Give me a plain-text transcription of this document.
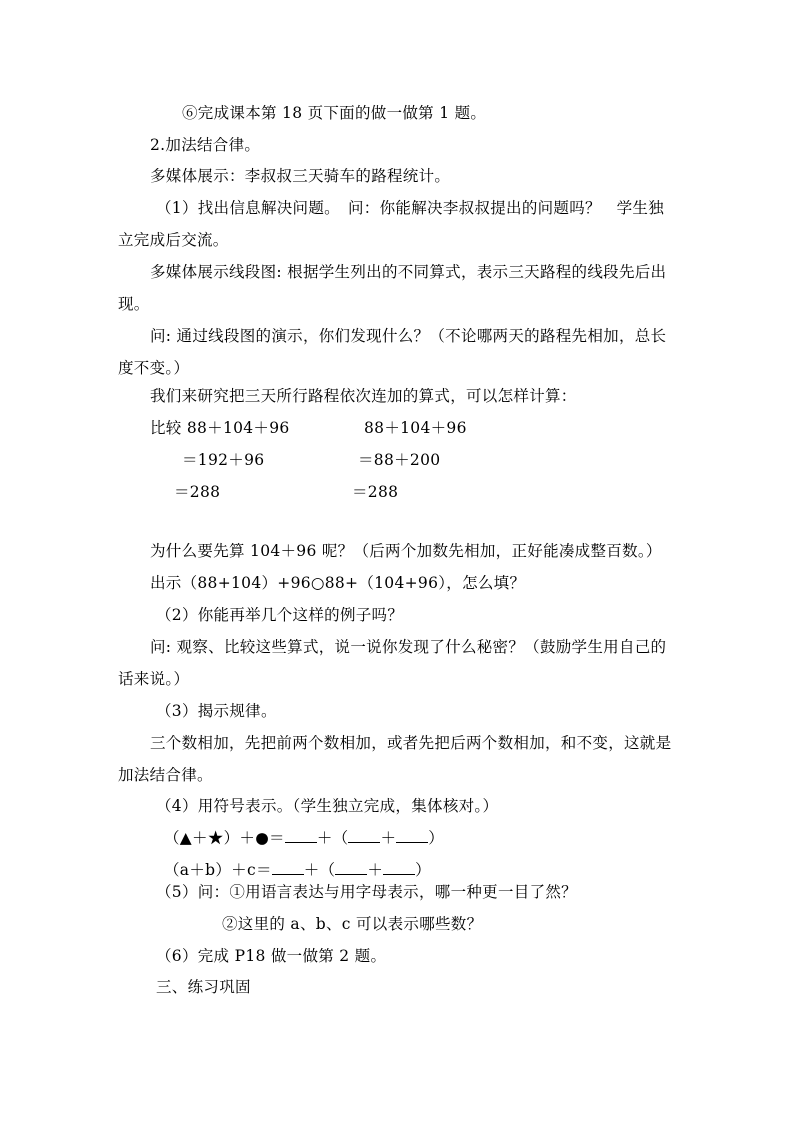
⑥完成课本第 18 页下面的做一做第 1 题。
2.加法结合律。
多媒体展示：李叔叔三天骑车的路程统计。
（1）找出信息解决问题。　问：你能解决李叔叔提出的问题吗？　学生独
立完成后交流。
多媒体展示线段图: 根据学生列出的不同算式，表示三天路程的线段先后出
现。
问: 通过线段图的演示，你们发现什么？（不论哪两天的路程先相加，总长
度不变。）
我们来研究把三天所行路程依次连加的算式，可以怎样计算：
比较 88＋104＋96
＝192＋96
＝288
88＋104＋96
＝88＋200
＝288
为什么要先算 104＋96 呢？（后两个加数先相加，正好能凑成整百数。）
出示（88+104）+96○88+（104+96），怎么填？
（2）你能再举几个这样的例子吗？
问: 观察、比较这些算式，说一说你发现了什么秘密？（鼓励学生用自己的
话来说。）
（3）揭示规律。
三个数相加，先把前两个数相加，或者先把后两个数相加，和不变，这就是
加法结合律。
（4）用符号表示。（学生独立完成，集体核对。）
（▲＋★）＋●＝ ＋（ ＋ ）
（a＋b）＋c＝ ＋（ ＋ ）
（5）问：①用语言表达与用字母表示，哪一种更一目了然？
②这里的 a、b、c 可以表示哪些数？
（6）完成 P18 做一做第 2 题。
三、练习巩固
